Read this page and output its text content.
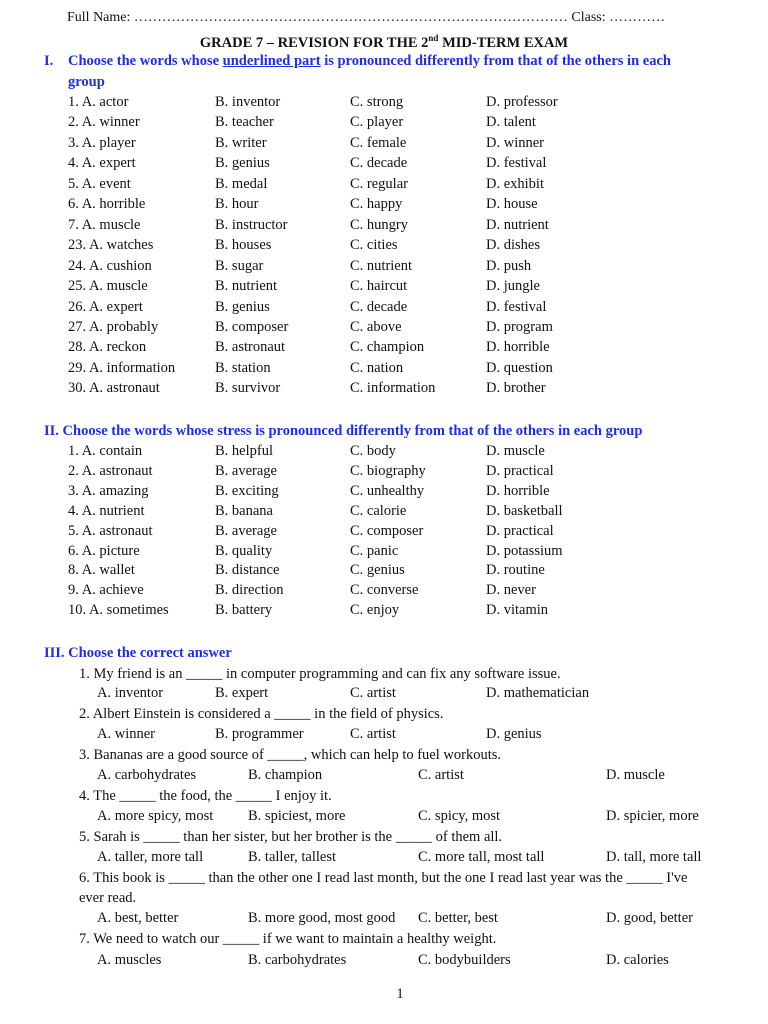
Full Name: ………………………………………………………………………………… Class: …………
GRADE 7 – REVISION FOR THE 2nd MID-TERM EXAM
I. Choose the words whose underlined part is pronounced differently from that of the others in each
group
1. A. actor	B. inventor	C. strong	D. professor
2. A. winner	B. teacher	C. player	D. talent
3. A. player	B. writer	C. female	D. winner
4. A. expert	B. genius	C. decade	D. festival
5. A. event	B. medal	C. regular	D. exhibit
6. A. horrible	B. hour	C. happy	D. house
7. A. muscle	B. instructor	C. hungry	D. nutrient
23. A. watches	B. houses	C. cities	D. dishes
24. A. cushion	B. sugar	C. nutrient	D. push
25. A. muscle	B. nutrient	C. haircut	D. jungle
26. A. expert	B. genius	C. decade	D. festival
27. A. probably	B. composer	C. above	D. program
28. A. reckon	B. astronaut	C. champion	D. horrible
29. A. information	B. station	C. nation	D. question
30. A. astronaut	B. survivor	C. information	D. brother
II. Choose the words whose stress is pronounced differently from that of the others in each group
1. A. contain	B. helpful	C. body	D. muscle
2. A. astronaut	B. average	C. biography	D. practical
3. A. amazing	B. exciting	C. unhealthy	D. horrible
4. A. nutrient	B. banana	C. calorie	D. basketball
5. A. astronaut	B. average	C. composer	D. practical
6. A. picture	B. quality	C. panic	D. potassium
8. A. wallet	B. distance	C. genius	D. routine
9. A. achieve	B. direction	C. converse	D. never
10. A. sometimes	B. battery	C. enjoy	D. vitamin
III. Choose the correct answer
1. My friend is an _____ in computer programming and can fix any software issue.
A. inventor	B. expert	C. artist	D. mathematician
2. Albert Einstein is considered a _____ in the field of physics.
A. winner	B. programmer	C. artist	D. genius
3. Bananas are a good source of _____, which can help to fuel workouts.
A. carbohydrates	B. champion	C. artist	D. muscle
4. The _____ the food, the _____ I enjoy it.
A. more spicy, most B. spiciest, more	C. spicy, most	D. spicier, more
5. Sarah is _____ than her sister, but her brother is the _____ of them all.
A. taller, more tall	B. taller, tallest	C. more tall, most tall	D. tall, more tall
6. This book is _____ than the other one I read last month, but the one I read last year was the _____ I've
ever read.
A. best, better	B. more good, most good C. better, best	D. good, better
7. We need to watch our _____ if we want to maintain a healthy weight.
A. muscles	B. carbohydrates	C. bodybuilders	D. calories
1
